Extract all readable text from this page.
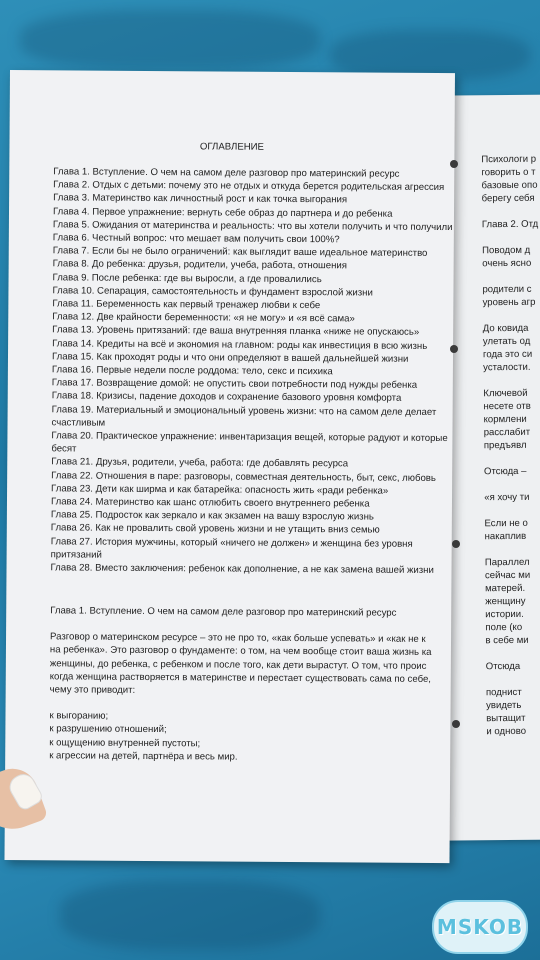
Психологи р
говорить о т
базовые опо
берегу себя
Глава 2. Отд
Поводом д
очень ясно
родители с
уровень агр
До ковида
улетать од
года это си
усталости.
Ключевой
несете отв
кормлени
расслабит
предъявл
Отсюда –
«я хочу ти
Если не о
накаплив
Параллел
сейчас ми
матерей.
женщину
истории.
поле (ко
в себе ми
Отсюда
поднист
увидеть
вытащит
и одново
ОГЛАВЛЕНИЕ
Глава 1. Вступление. О чем на самом деле разговор про материнский ресурс
Глава 2. Отдых с детьми: почему это не отдых и откуда берется родительская агрессия
Глава 3. Материнство как личностный рост и как точка выгорания
Глава 4. Первое упражнение: вернуть себе образ до партнера и до ребенка
Глава 5. Ожидания от материнства и реальность: что вы хотели получить и что получили
Глава 6. Честный вопрос: что мешает вам получить свои 100%?
Глава 7. Если бы не было ограничений: как выглядит ваше идеальное материнство
Глава 8. До ребенка: друзья, родители, учеба, работа, отношения
Глава 9. После ребенка: где вы выросли, а где провалились
Глава 10. Сепарация, самостоятельность и фундамент взрослой жизни
Глава 11. Беременность как первый тренажер любви к себе
Глава 12. Две крайности беременности: «я не могу» и «я всё сама»
Глава 13. Уровень притязаний: где ваша внутренняя планка «ниже не опускаюсь»
Глава 14. Кредиты на всё и экономия на главном: роды как инвестиция в всю жизнь
Глава 15. Как проходят роды и что они определяют в вашей дальнейшей жизни
Глава 16. Первые недели после роддома: тело, секс и психика
Глава 17. Возвращение домой: не опустить свои потребности под нужды ребенка
Глава 18. Кризисы, падение доходов и сохранение базового уровня комфорта
Глава 19. Материальный и эмоциональный уровень жизни: что на самом деле делает
счастливым
Глава 20. Практическое упражнение: инвентаризация вещей, которые радуют и которые
бесят
Глава 21. Друзья, родители, учеба, работа: где добавлять ресурса
Глава 22. Отношения в паре: разговоры, совместная деятельность, быт, секс, любовь
Глава 23. Дети как ширма и как батарейка: опасность жить «ради ребенка»
Глава 24. Материнство как шанс отлюбить своего внутреннего ребенка
Глава 25. Подросток как зеркало и как экзамен на вашу взрослую жизнь
Глава 26. Как не провалить свой уровень жизни и не утащить вниз семью
Глава 27. История мужчины, который «ничего не должен» и женщина без уровня
притязаний
Глава 28. Вместо заключения: ребенок как дополнение, а не как замена вашей жизни
Глава 1. Вступление. О чем на самом деле разговор про материнский ресурс
Разговор о материнском ресурсе – это не про то, «как больше успевать» и «как не к
на ребенка». Это разговор о фундаменте: о том, на чем вообще стоит ваша жизнь ка
женщины, до ребенка, с ребенком и после того, как дети вырастут. О том, что проис
когда женщина растворяется в материнстве и перестает существовать сама по себе,
чему это приводит:
к выгоранию;
к разрушению отношений;
к ощущению внутренней пустоты;
к агрессии на детей, партнёра и весь мир.
MSKOB
